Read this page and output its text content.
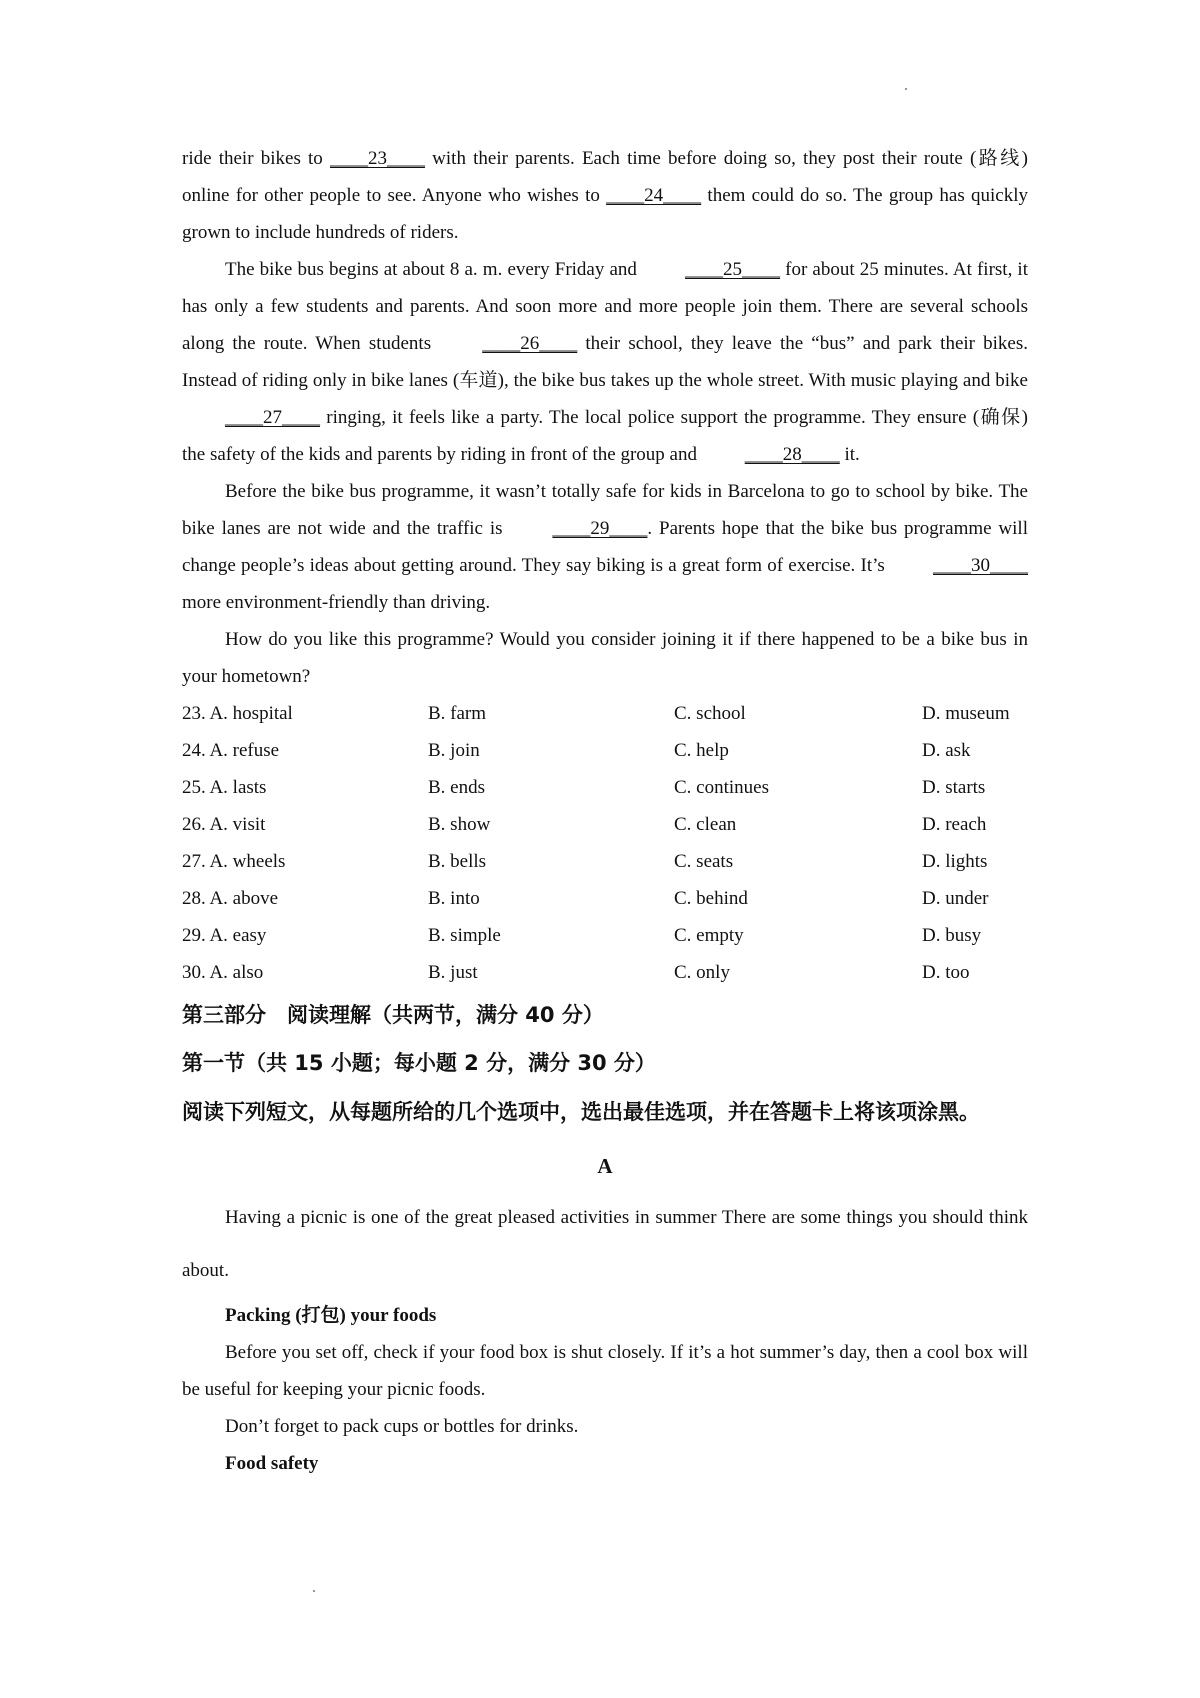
ride their bikes to ____23____ with their parents. Each time before doing so, they post their route (路线) online for other people to see. Anyone who wishes to ____24____ them could do so. The group has quickly grown to include hundreds of riders.

The bike bus begins at about 8 a. m. every Friday and ____25____ for about 25 minutes. At first, it has only a few students and parents. And soon more and more people join them. There are several schools along the route. When students ____26____ their school, they leave the “bus” and park their bikes. Instead of riding only in bike lanes (车道), the bike bus takes up the whole street. With music playing and bike ____27____ ringing, it feels like a party. The local police support the programme. They ensure (确保) the safety of the kids and parents by riding in front of the group and ____28____ it.

Before the bike bus programme, it wasn’t totally safe for kids in Barcelona to go to school by bike. The bike lanes are not wide and the traffic is ____29____. Parents hope that the bike bus programme will change people’s ideas about getting around. They say biking is a great form of exercise. It’s ____30____ more environment-friendly than driving.

How do you like this programme? Would you consider joining it if there happened to be a bike bus in your hometown?

23. A. hospital	B. farm	C. school	D. museum
24. A. refuse	B. join	C. help	D. ask
25. A. lasts	B. ends	C. continues	D. starts
26. A. visit	B. show	C. clean	D. reach
27. A. wheels	B. bells	C. seats	D. lights
28. A. above	B. into	C. behind	D. under
29. A. easy	B. simple	C. empty	D. busy
30. A. also	B. just	C. only	D. too
第三部分　阅读理解（共两节，满分 40 分）
第一节（共 15 小题；每小题 2 分，满分 30 分）
阅读下列短文，从每题所给的几个选项中，选出最佳选项，并在答题卡上将该项涂黑。
A

Having a picnic is one of the great pleased activities in summer There are some things you should think about.

Packing (打包) your foods

Before you set off, check if your food box is shut closely. If it’s a hot summer’s day, then a cool box will be useful for keeping your picnic foods.

Don’t forget to pack cups or bottles for drinks.

Food safety
